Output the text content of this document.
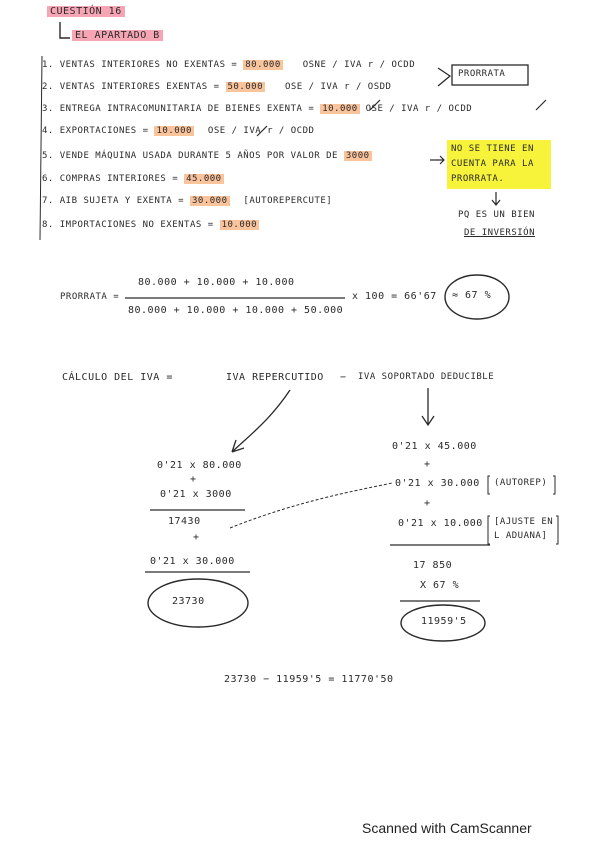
CUESTIÓN 16
EL APARTADO B
1. VENTAS INTERIORES NO EXENTAS = 80.000 OSNE / IVA r / OCDD
2. VENTAS INTERIORES EXENTAS = 50.000 OSE / IVA r / OSDD
3. ENTREGA INTRACOMUNITARIA DE BIENES EXENTA = 10.000 OSE / IVA r / OCDD
4. EXPORTACIONES = 10.000 OSE / IVA r / OCDD
5. VENDE MÁQUINA USADA DURANTE 5 AÑOS POR VALOR DE 3000
6. COMPRAS INTERIORES = 45.000
7. AIB SUJETA Y EXENTA = 30.000 [AUTOREPERCUTE]
8. IMPORTACIONES NO EXENTAS = 10.000
PRORRATA
NO SE TIENE EN CUENTA PARA LA PRORRATA.
PQ ES UN BIEN
DE INVERSIÓN
PRORRATA =
80.000 + 10.000 + 10.000
80.000 + 10.000 + 10.000 + 50.000
x 100 = 66'67 ≈ 67 %
CÁLCULO DEL IVA =	IVA REPERCUTIDO − IVA SOPORTADO DEDUCIBLE
0'21 x 80.000
+
0'21 x 3000
17430
+
0'21 x 30.000
23730
0'21 x 45.000
+
0'21 x 30.000 (AUTOREP)
+
0'21 x 10.000 [AJUSTE EN
L ADUANA]
17 850
X 67 %
11959'5
23730 − 11959'5 = 11770'50
Scanned with CamScanner
